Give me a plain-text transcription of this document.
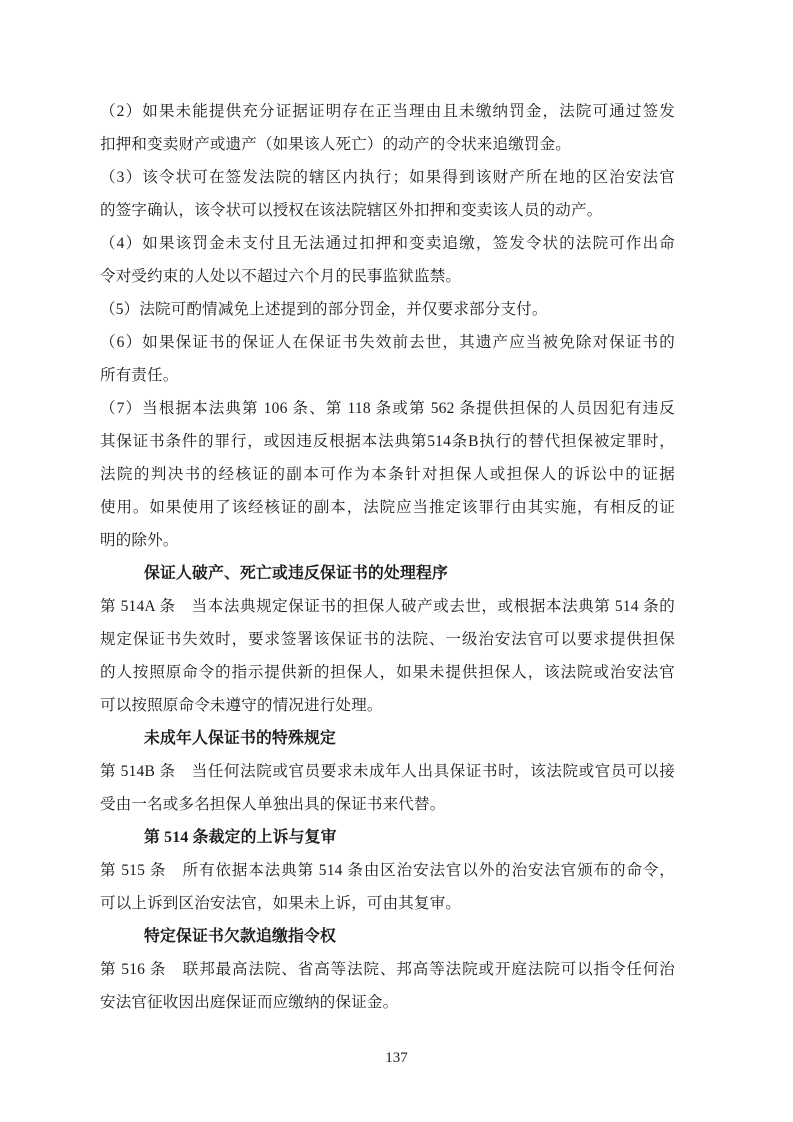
（2）如果未能提供充分证据证明存在正当理由且未缴纳罚金，法院可通过签发
扣押和变卖财产或遗产（如果该人死亡）的动产的令状来追缴罚金。
（3）该令状可在签发法院的辖区内执行；如果得到该财产所在地的区治安法官
的签字确认，该令状可以授权在该法院辖区外扣押和变卖该人员的动产。
（4）如果该罚金未支付且无法通过扣押和变卖追缴，签发令状的法院可作出命
令对受约束的人处以不超过六个月的民事监狱监禁。
（5）法院可酌情减免上述提到的部分罚金，并仅要求部分支付。
（6）如果保证书的保证人在保证书失效前去世，其遗产应当被免除对保证书的
所有责任。
（7）当根据本法典第 106 条、第 118 条或第 562 条提供担保的人员因犯有违反
其保证书条件的罪行，或因违反根据本法典第514条B执行的替代担保被定罪时，
法院的判决书的经核证的副本可作为本条针对担保人或担保人的诉讼中的证据
使用。如果使用了该经核证的副本，法院应当推定该罪行由其实施，有相反的证
明的除外。
保证人破产、死亡或违反保证书的处理程序
第 514A 条　当本法典规定保证书的担保人破产或去世，或根据本法典第 514 条的
规定保证书失效时，要求签署该保证书的法院、一级治安法官可以要求提供担保
的人按照原命令的指示提供新的担保人，如果未提供担保人，该法院或治安法官
可以按照原命令未遵守的情况进行处理。
未成年人保证书的特殊规定
第 514B 条　当任何法院或官员要求未成年人出具保证书时，该法院或官员可以接
受由一名或多名担保人单独出具的保证书来代替。
第 514 条裁定的上诉与复审
第 515 条　所有依据本法典第 514 条由区治安法官以外的治安法官颁布的命令，
可以上诉到区治安法官，如果未上诉，可由其复审。
特定保证书欠款追缴指令权
第 516 条　联邦最高法院、省高等法院、邦高等法院或开庭法院可以指令任何治
安法官征收因出庭保证而应缴纳的保证金。
137
